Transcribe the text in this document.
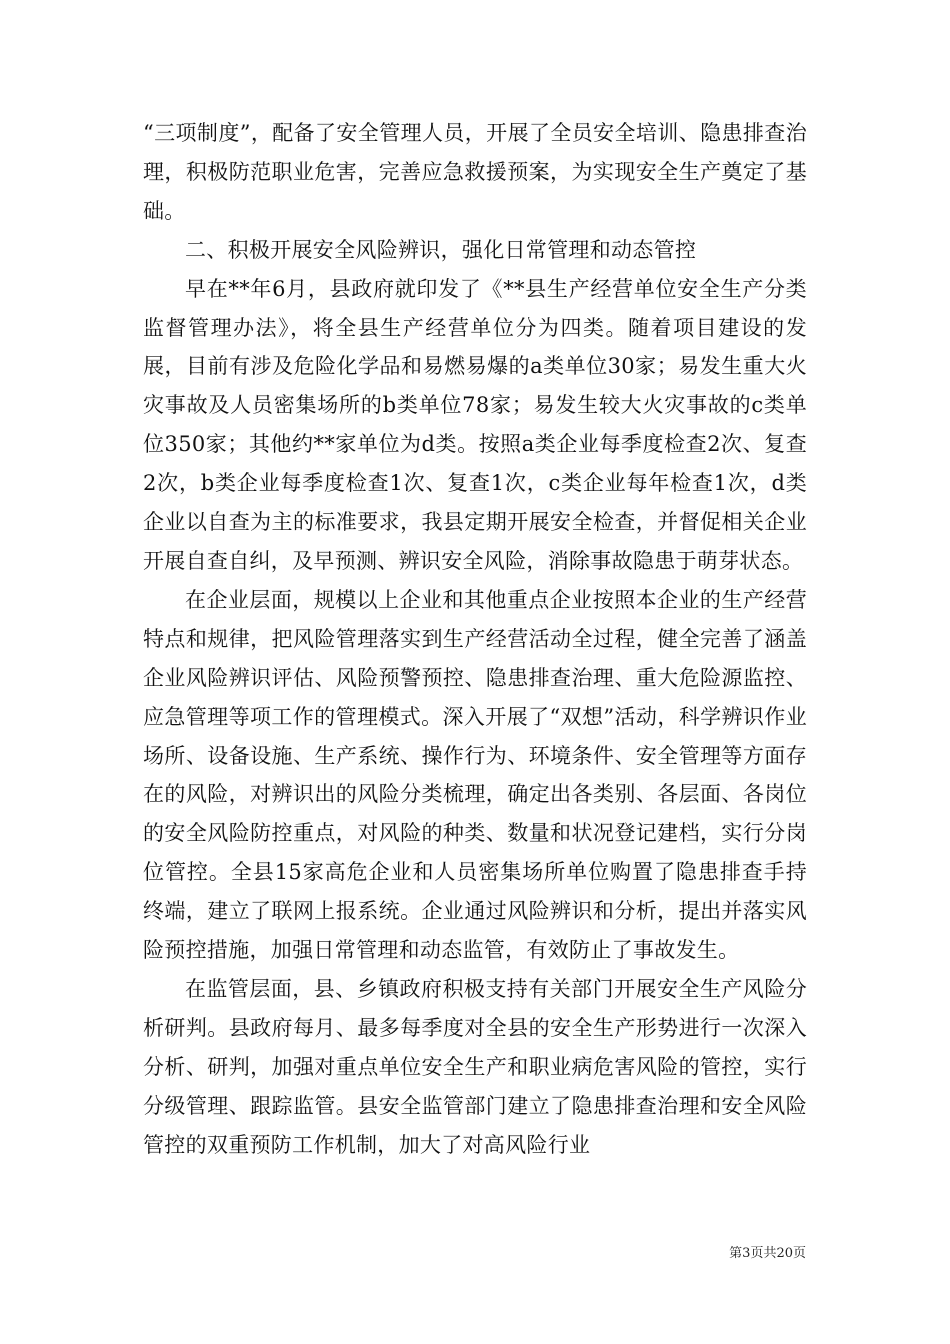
“三项制度”，配备了安全管理人员，开展了全员安全培训、隐患排查治理，积极防范职业危害，完善应急救援预案，为实现安全生产奠定了基础。

二、积极开展安全风险辨识，强化日常管理和动态管控

早在**年6月，县政府就印发了《**县生产经营单位安全生产分类监督管理办法》，将全县生产经营单位分为四类。随着项目建设的发展，目前有涉及危险化学品和易燃易爆的a类单位30家；易发生重大火灾事故及人员密集场所的b类单位78家；易发生较大火灾事故的c类单位350家；其他约**家单位为d类。按照a类企业每季度检查2次、复查2次，b类企业每季度检查1次、复查1次，c类企业每年检查1次，d类企业以自查为主的标准要求，我县定期开展安全检查，并督促相关企业开展自查自纠，及早预测、辨识安全风险，消除事故隐患于萌芽状态。

在企业层面，规模以上企业和其他重点企业按照本企业的生产经营特点和规律，把风险管理落实到生产经营活动全过程，健全完善了涵盖企业风险辨识评估、风险预警预控、隐患排查治理、重大危险源监控、应急管理等项工作的管理模式。深入开展了“双想”活动，科学辨识作业场所、设备设施、生产系统、操作行为、环境条件、安全管理等方面存在的风险，对辨识出的风险分类梳理，确定出各类别、各层面、各岗位的安全风险防控重点，对风险的种类、数量和状况登记建档，实行分岗位管控。全县15家高危企业和人员密集场所单位购置了隐患排查手持终端，建立了联网上报系统。企业通过风险辨识和分析，提出并落实风险预控措施，加强日常管理和动态监管，有效防止了事故发生。

在监管层面，县、乡镇政府积极支持有关部门开展安全生产风险分析研判。县政府每月、最多每季度对全县的安全生产形势进行一次深入分析、研判，加强对重点单位安全生产和职业病危害风险的管控，实行分级管理、跟踪监管。县安全监管部门建立了隐患排查治理和安全风险管控的双重预防工作机制，加大了对高风险行业

第3页共20页
